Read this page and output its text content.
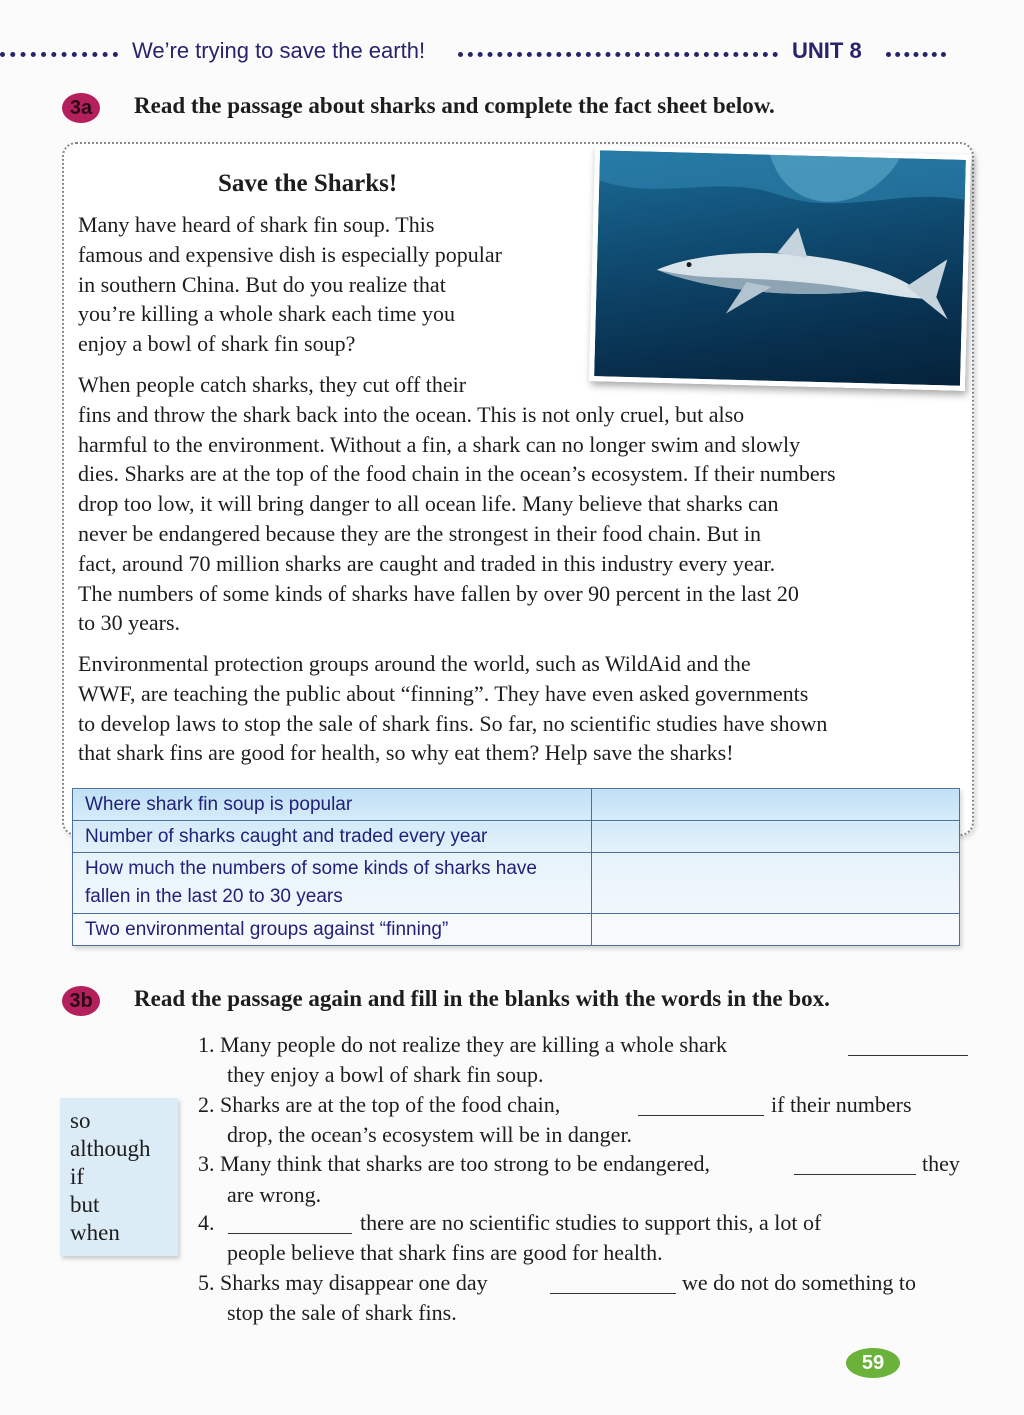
We’re trying to save the earth!	UNIT 8
3a	Read the passage about sharks and complete the fact sheet below.
Save the Sharks!
Many have heard of shark fin soup. This
famous and expensive dish is especially popular
in southern China. But do you realize that
you’re killing a whole shark each time you
enjoy a bowl of shark fin soup?
When people catch sharks, they cut off their
fins and throw the shark back into the ocean. This is not only cruel, but also
harmful to the environment. Without a fin, a shark can no longer swim and slowly
dies. Sharks are at the top of the food chain in the ocean’s ecosystem. If their numbers
drop too low, it will bring danger to all ocean life. Many believe that sharks can
never be endangered because they are the strongest in their food chain. But in
fact, around 70 million sharks are caught and traded in this industry every year.
The numbers of some kinds of sharks have fallen by over 90 percent in the last 20
to 30 years.
Environmental protection groups around the world, such as WildAid and the
WWF, are teaching the public about “finning”. They have even asked governments
to develop laws to stop the sale of shark fins. So far, no scientific studies have shown
that shark fins are good for health, so why eat them? Help save the sharks!
Where shark fin soup is popular	
Number of sharks caught and traded every year	

How much the numbers of some kinds of sharks have
fallen in the last 20 to 30 years	

Two environmental groups against “finning”	
3b	Read the passage again and fill in the blanks with the words in the box.
so
although
if
but
when
1. Many people do not realize they are killing a whole shark
they enjoy a bowl of shark fin soup.
2. Sharks are at the top of the food chain,	if their numbers
drop, the ocean’s ecosystem will be in danger.
3. Many think that sharks are too strong to be endangered,	they
are wrong.
4.	there are no scientific studies to support this, a lot of
people believe that shark fins are good for health.
5. Sharks may disappear one day	we do not do something to
stop the sale of shark fins.
59
